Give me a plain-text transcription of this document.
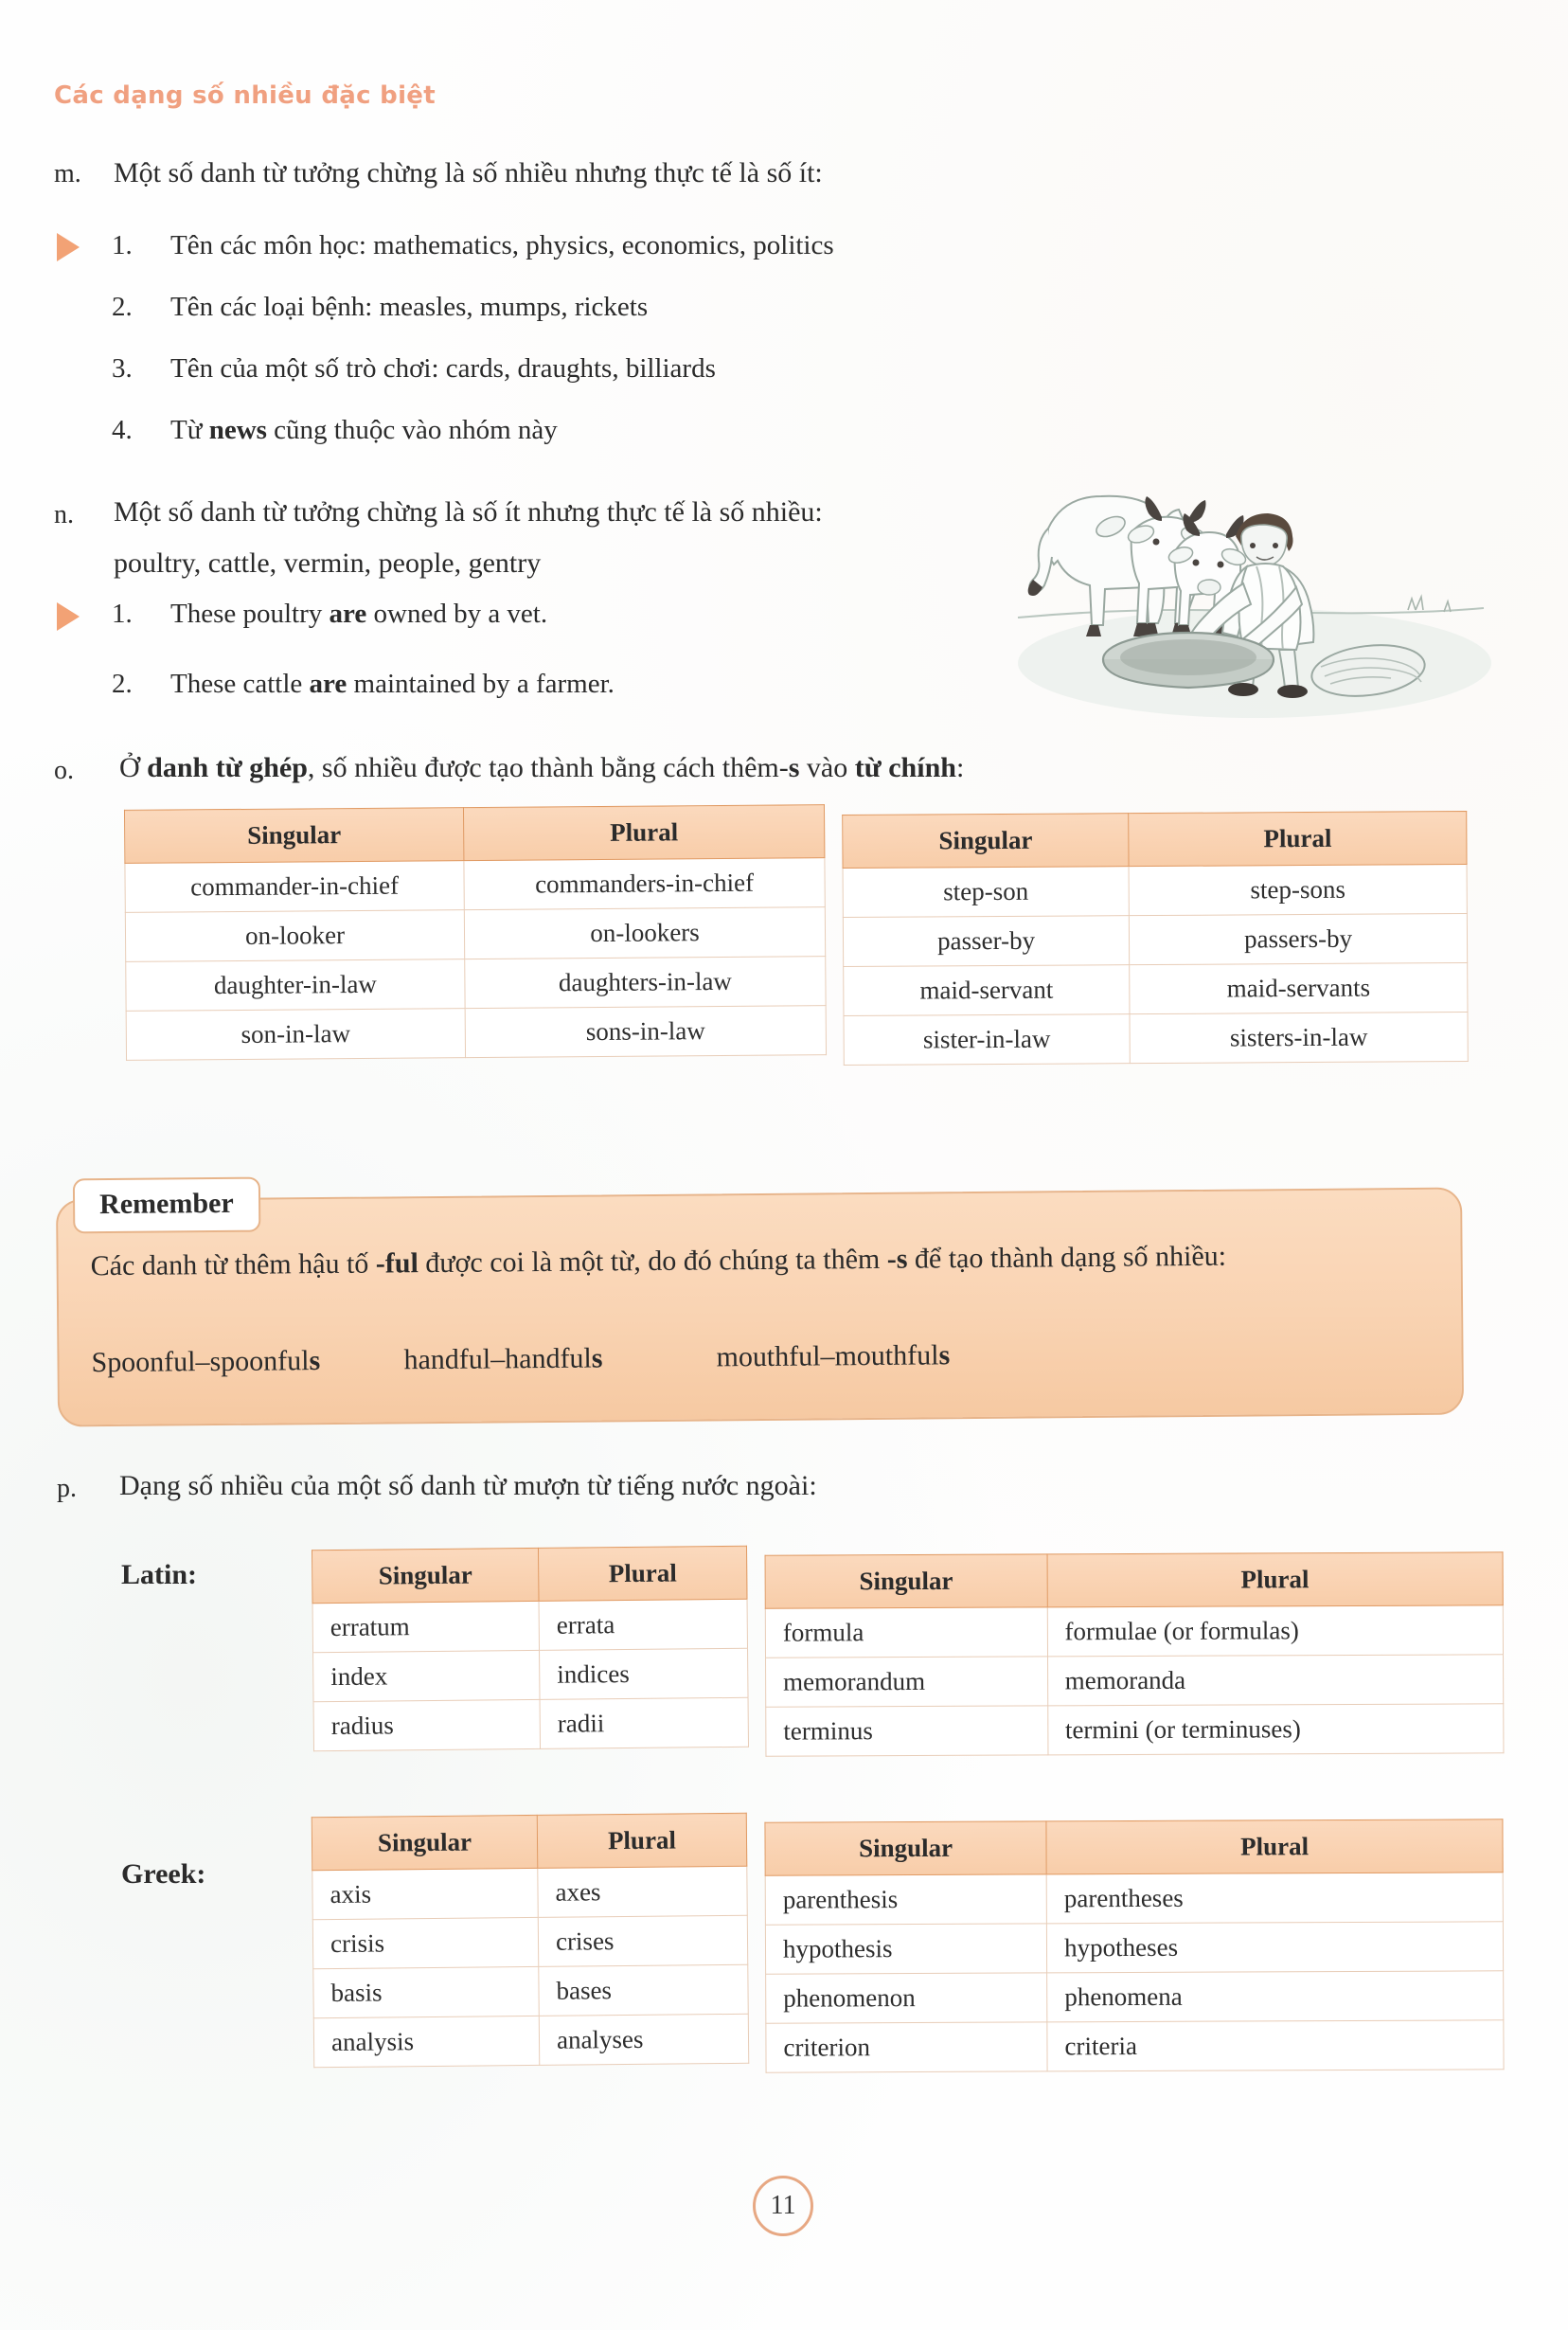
Các dạng số nhiều đặc biệt
m. Một số danh từ tưởng chừng là số nhiều nhưng thực tế là số ít:
1. Tên các môn học: mathematics, physics, economics, politics
2. Tên các loại bệnh: measles, mumps, rickets
3. Tên của một số trò chơi: cards, draughts, billiards
4. Từ news cũng thuộc vào nhóm này
n. Một số danh từ tưởng chừng là số ít nhưng thực tế là số nhiều:
poultry, cattle, vermin, people, gentry
1. These poultry are owned by a vet.
2. These cattle are maintained by a farmer.
o. Ở danh từ ghép, số nhiều được tạo thành bằng cách thêm-s vào từ chính:
Singular	Plural
commander-in-chief	commanders-in-chief
on-looker	on-lookers
daughter-in-law	daughters-in-law
son-in-law	sons-in-law
Singular	Plural
step-son	step-sons
passer-by	passers-by
maid-servant	maid-servants
sister-in-law	sisters-in-law
Remember
Các danh từ thêm hậu tố -ful được coi là một từ, do đó chúng ta thêm -s để tạo thành dạng số nhiều:
Spoonful–spoonfuls	handful–handfuls	mouthful–mouthfuls
p. Dạng số nhiều của một số danh từ mượn từ tiếng nước ngoài:
Latin:	Singular	Plural
erratum	errata
index	indices
radius	radii
Singular	Plural
formula	formulae (or formulas)
memorandum	memoranda
terminus	termini (or terminuses)
Greek:
Singular	Plural
axis	axes
crisis	crises
basis	bases
analysis	analyses
Singular	Plural
parenthesis	parentheses
hypothesis	hypotheses
phenomenon	phenomena
criterion	criteria
11
